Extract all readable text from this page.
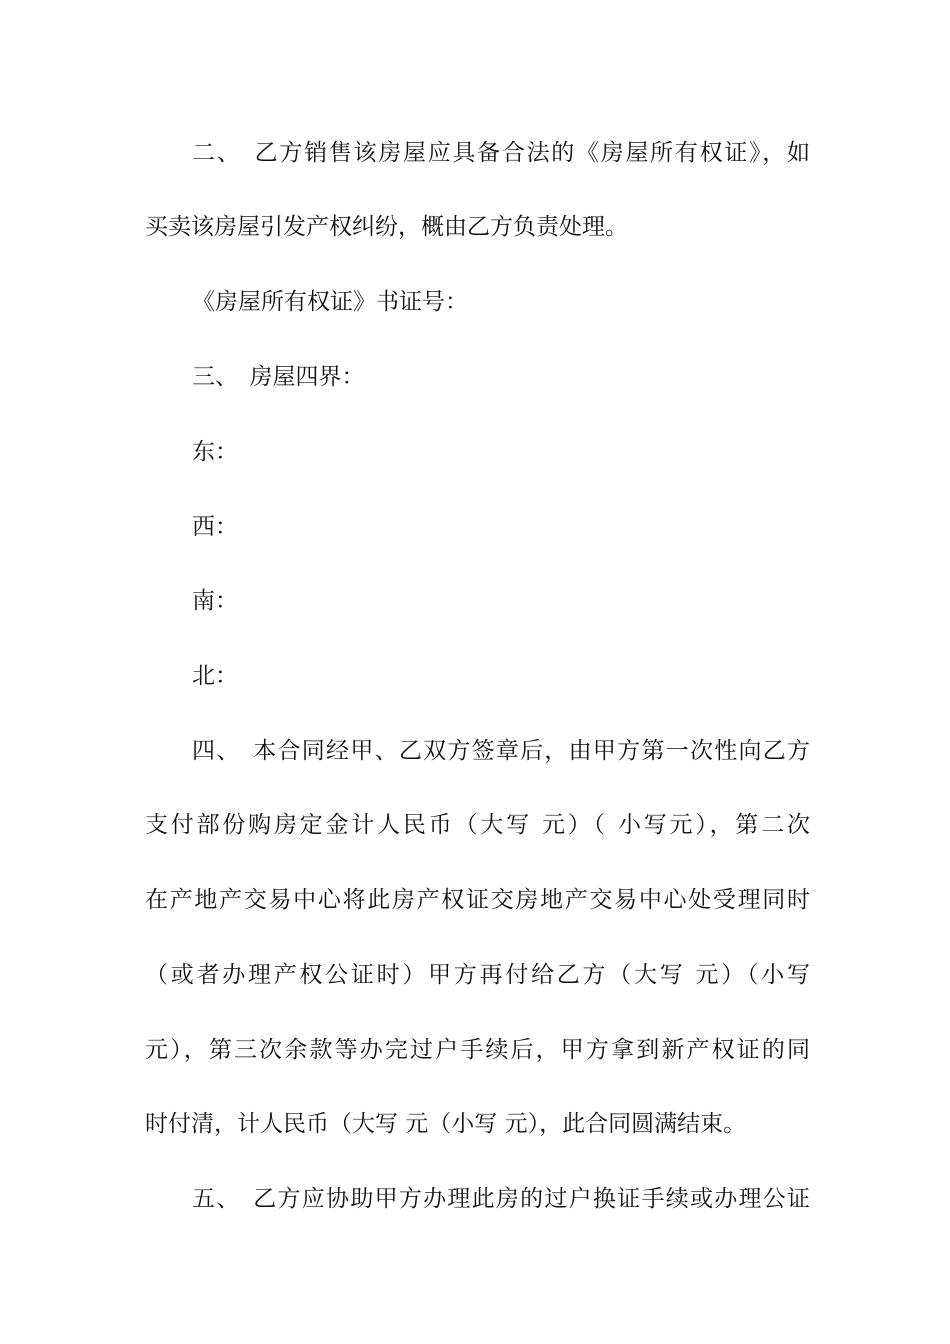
二、　乙方销售该房屋应具备合法的《房屋所有权证》，如
买卖该房屋引发产权纠纷，概由乙方负责处理。
《房屋所有权证》书证号：
三、　房屋四界：
东：
西：
南：
北：
四、　本合同经甲、乙双方签章后，由甲方第一次性向乙方
支付部份购房定金计人民币（大写 元）（ 小写元），第二次
在产地产交易中心将此房产权证交房地产交易中心处受理同时
（或者办理产权公证时）甲方再付给乙方（大写 元）（小写
元），第三次余款等办完过户手续后，甲方拿到新产权证的同
时付清，计人民币（大写 元（小写 元），此合同圆满结束。
五、　乙方应协助甲方办理此房的过户换证手续或办理公证
